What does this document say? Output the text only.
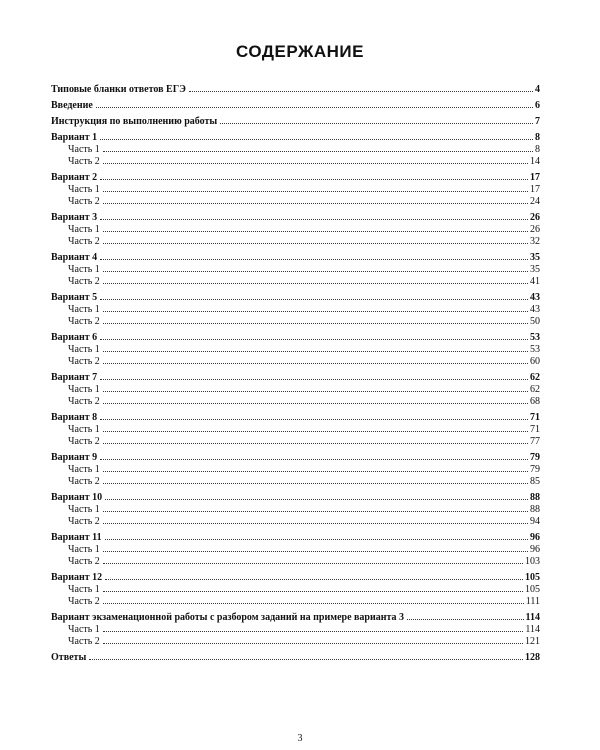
СОДЕРЖАНИЕ
Типовые бланки ответов ЕГЭ	4
Введение	6
Инструкция по выполнению работы	7
Вариант 1	8
Часть 1	8
Часть 2	14
Вариант 2	17
Часть 1	17
Часть 2	24
Вариант 3	26
Часть 1	26
Часть 2	32
Вариант 4	35
Часть 1	35
Часть 2	41
Вариант 5	43
Часть 1	43
Часть 2	50
Вариант 6	53
Часть 1	53
Часть 2	60
Вариант 7	62
Часть 1	62
Часть 2	68
Вариант 8	71
Часть 1	71
Часть 2	77
Вариант 9	79
Часть 1	79
Часть 2	85
Вариант 10	88
Часть 1	88
Часть 2	94
Вариант 11	96
Часть 1	96
Часть 2	103
Вариант 12	105
Часть 1	105
Часть 2	111
Вариант экзаменационной работы с разбором заданий на примере варианта 3	114
Часть 1	114
Часть 2	121
Ответы	128
3
